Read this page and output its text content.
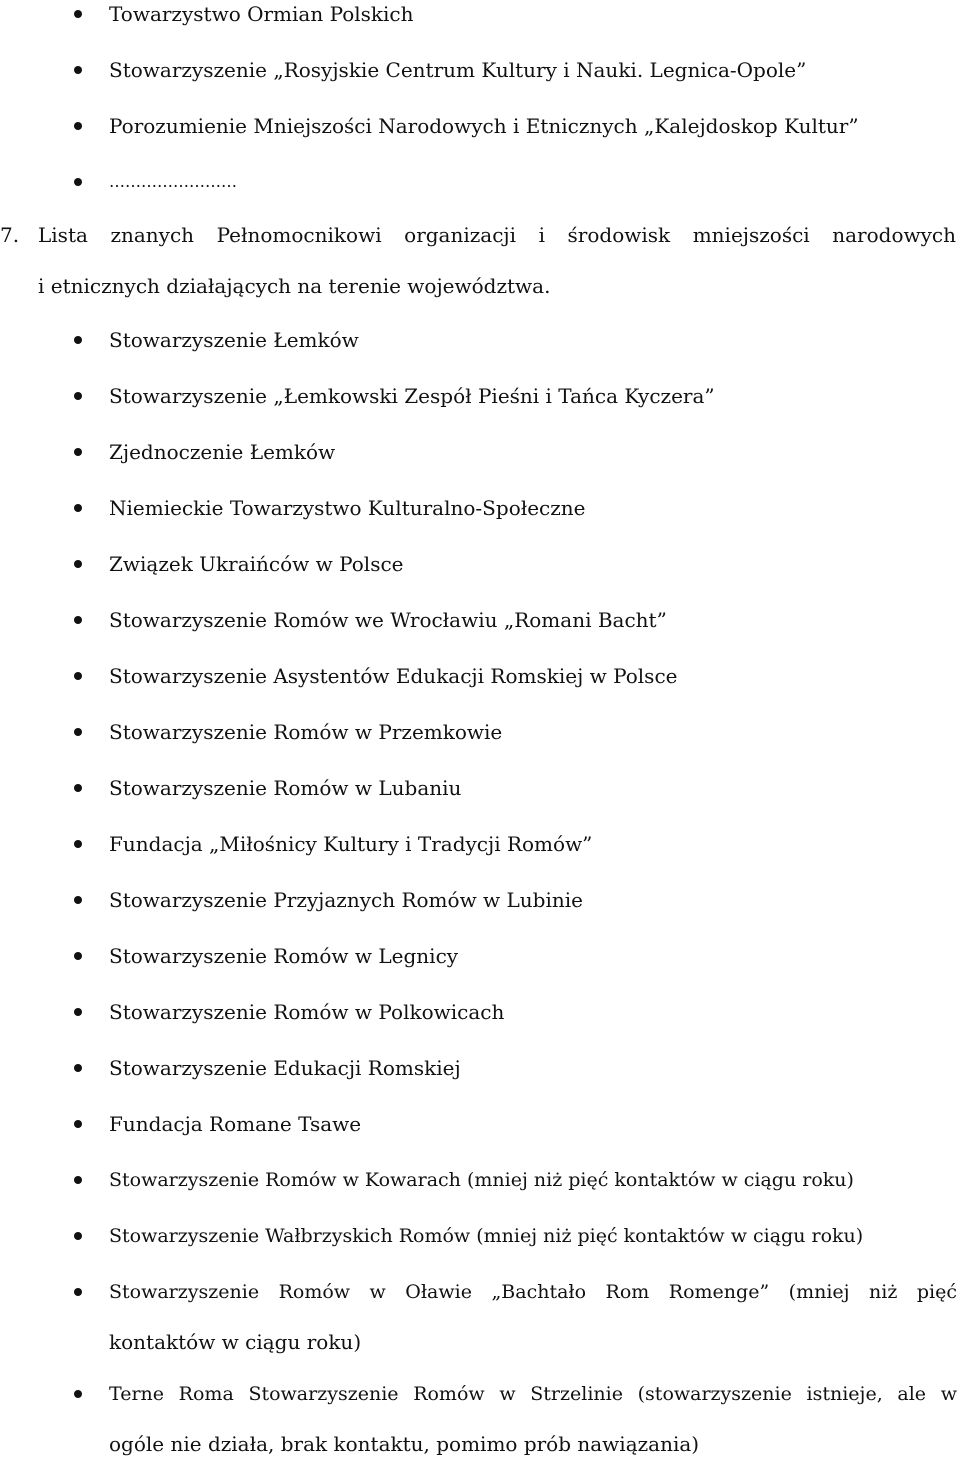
Towarzystwo Ormian Polskich
Stowarzyszenie „Rosyjskie Centrum Kultury i Nauki. Legnica-Opole”
Porozumienie Mniejszości Narodowych i Etnicznych „Kalejdoskop Kultur”
……………………
7. Lista znanych Pełnomocnikowi organizacji i środowisk mniejszości narodowych
i etnicznych działających na terenie województwa.
Stowarzyszenie Łemków
Stowarzyszenie „Łemkowski Zespół Pieśni i Tańca Kyczera”
Zjednoczenie Łemków
Niemieckie Towarzystwo Kulturalno-Społeczne
Związek Ukraińców w Polsce
Stowarzyszenie Romów we Wrocławiu „Romani Bacht”
Stowarzyszenie Asystentów Edukacji Romskiej w Polsce
Stowarzyszenie Romów w Przemkowie
Stowarzyszenie Romów w Lubaniu
Fundacja „Miłośnicy Kultury i Tradycji Romów”
Stowarzyszenie Przyjaznych Romów w Lubinie
Stowarzyszenie Romów w Legnicy
Stowarzyszenie Romów w Polkowicach
Stowarzyszenie Edukacji Romskiej
Fundacja Romane Tsawe
Stowarzyszenie Romów w Kowarach (mniej niż pięć kontaktów w ciągu roku)
Stowarzyszenie Wałbrzyskich Romów (mniej niż pięć kontaktów w ciągu roku)
Stowarzyszenie Romów w Oławie „Bachtało Rom Romenge” (mniej niż pięć
kontaktów w ciągu roku)
Terne Roma Stowarzyszenie Romów w Strzelinie (stowarzyszenie istnieje, ale w
ogóle nie działa, brak kontaktu, pomimo prób nawiązania)
